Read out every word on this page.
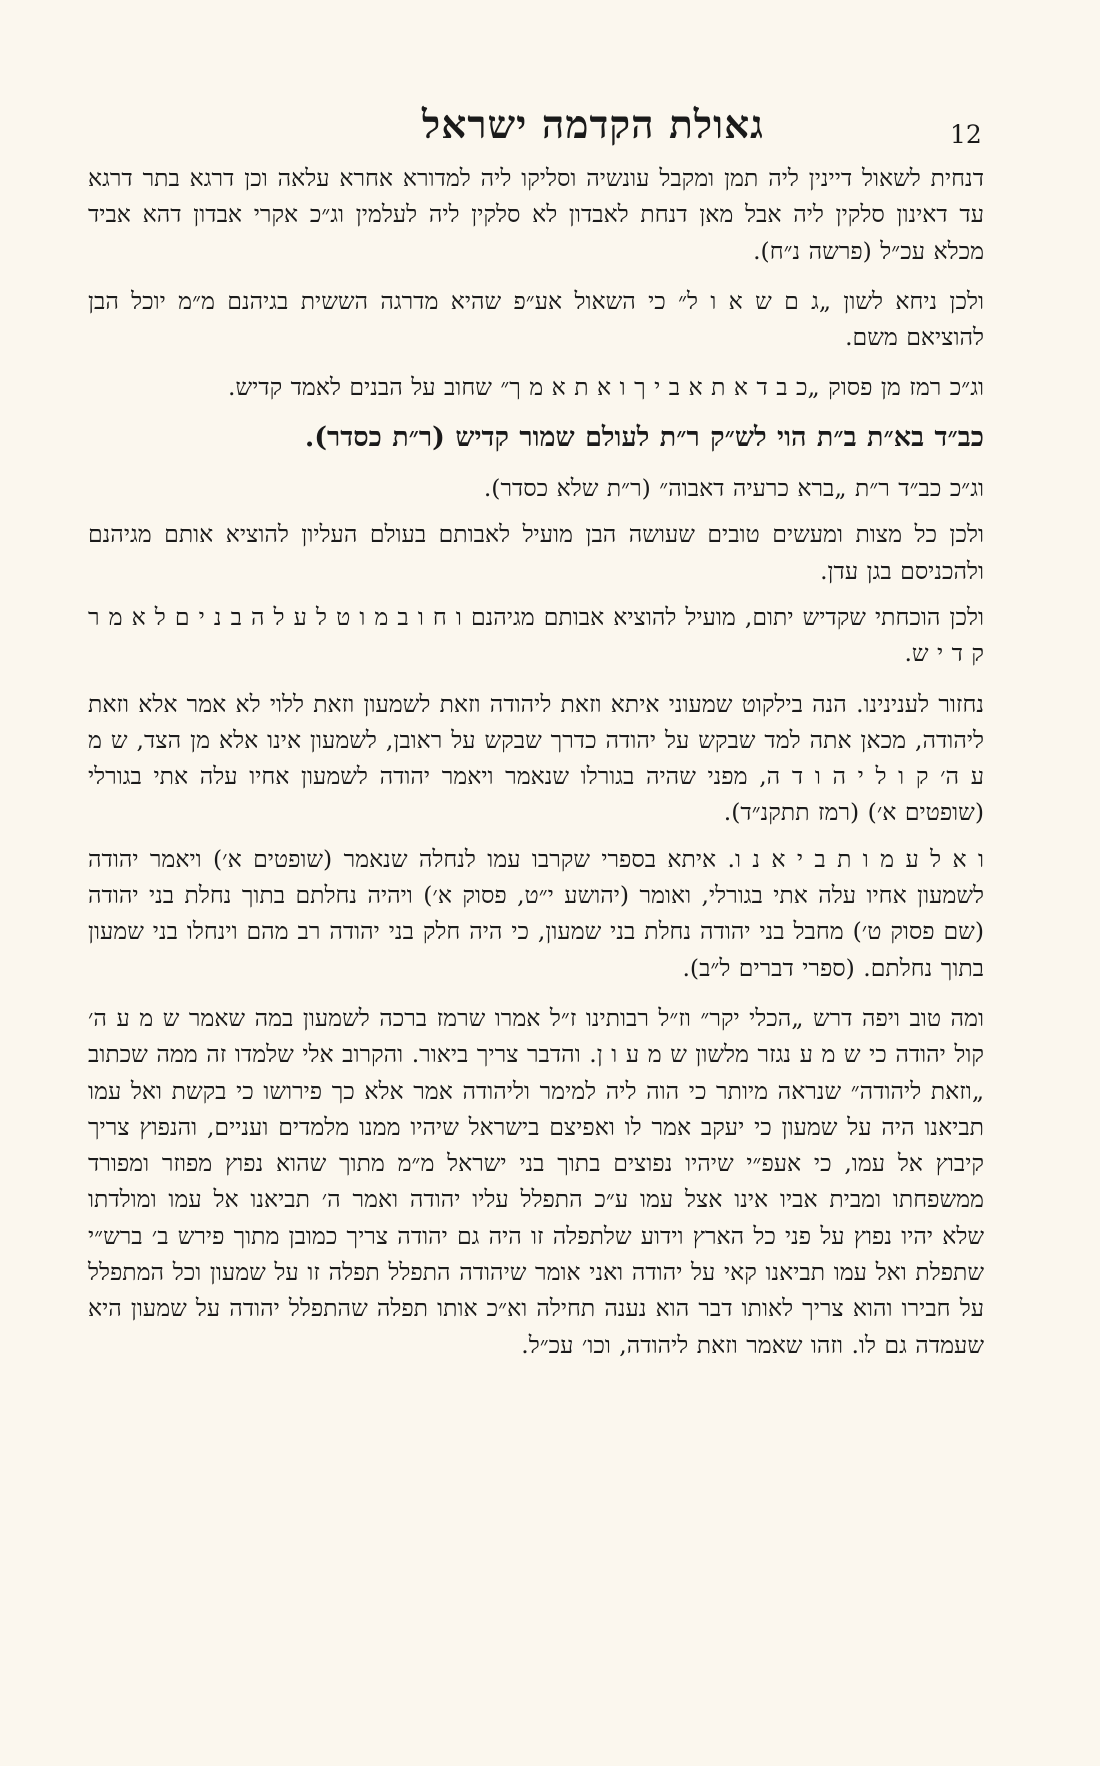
12
גאולת הקדמה ישראל

דנחית לשאול דיינין ליה תמן ומקבל עונשיה וסליקו ליה למדורא אחרא עלאה וכן דרגא בתר דרגא עד דאינון סלקין ליה אבל מאן דנחת לאבדון לא סלקין ליה לעלמין וג״כ אקרי אבדון דהא אביד מכלא עכ״ל (פרשה נ״ח).

ולכן ניחא לשון „ג ם ש א ו ל״ כי השאול אע״פ שהיא מדרגה הששית בגיהנם מ״מ יוכל הבן להוציאם משם.

וג״כ רמז מן פסוק „כ ב ד א ת א ב י ך ו א ת א מ ך״ שחוב על הבנים לאמד קדיש.

כב״ד בא״ת ב״ת הוי לש״ק ר״ת לעולם שמור קדיש (ר״ת כסדר).

וג״כ כב״ד ר״ת „ברא כרעיה דאבוה״ (ר״ת שלא כסדר).

ולכן כל מצות ומעשים טובים שעושה הבן מועיל לאבותם בעולם העליון להוציא אותם מגיהנם ולהכניסם בגן עדן.

ולכן הוכחתי שקדיש יתום, מועיל להוציא אבותם מגיהנם ו ח ו ב מ ו ט ל ע ל ה ב נ י ם ל א מ ר ק ד י ש.

נחזור לענינינו. הנה בילקוט שמעוני איתא וזאת ליהודה וזאת לשמעון וזאת ללוי לא אמר אלא וזאת ליהודה, מכאן אתה למד שבקש על יהודה כדרך שבקש על ראובן, לשמעון אינו אלא מן הצד, ש מ ע ה׳ ק ו ל י ה ו ד ה, מפני שהיה בגורלו שנאמר ויאמר יהודה לשמעון אחיו עלה אתי בגורלי (שופטים א׳) (רמז תתקנ״ד).

ו א ל ע מ ו ת ב י א נ ו. איתא בספרי שקרבו עמו לנחלה שנאמר (שופטים א׳) ויאמר יהודה לשמעון אחיו עלה אתי בגורלי, ואומר (יהושע י״ט, פסוק א׳) ויהיה נחלתם בתוך נחלת בני יהודה (שם פסוק ט׳) מחבל בני יהודה נחלת בני שמעון, כי היה חלק בני יהודה רב מהם וינחלו בני שמעון בתוך נחלתם. (ספרי דברים ל״ב).

ומה טוב ויפה דרש „הכלי יקר״ וז״ל רבותינו ז״ל אמרו שרמז ברכה לשמעון במה שאמר ש מ ע ה׳ קול יהודה כי ש מ ע נגזר מלשון ש מ ע ו ן. והדבר צריך ביאור. והקרוב אלי שלמדו זה ממה שכתוב „וזאת ליהודה״ שנראה מיותר כי הוה ליה למימר וליהודה אמר אלא כך פירושו כי בקשת ואל עמו תביאנו היה על שמעון כי יעקב אמר לו ואפיצם בישראל שיהיו ממנו מלמדים ועניים, והנפוץ צריך קיבוץ אל עמו, כי אעפ״י שיהיו נפוצים בתוך בני ישראל מ״מ מתוך שהוא נפוץ מפוזר ומפורד ממשפחתו ומבית אביו אינו אצל עמו ע״כ התפלל עליו יהודה ואמר ה׳ תביאנו אל עמו ומולדתו שלא יהיו נפוץ על פני כל הארץ וידוע שלתפלה זו היה גם יהודה צריך כמובן מתוך פירש ב׳ ברש״י שתפלת ואל עמו תביאנו קאי על יהודה ואני אומר שיהודה התפלל תפלה זו על שמעון וכל המתפלל על חבירו והוא צריך לאותו דבר הוא נענה תחילה וא״כ אותו תפלה שהתפלל יהודה על שמעון היא שעמדה גם לו. וזהו שאמר וזאת ליהודה, וכו׳ עכ״ל.
